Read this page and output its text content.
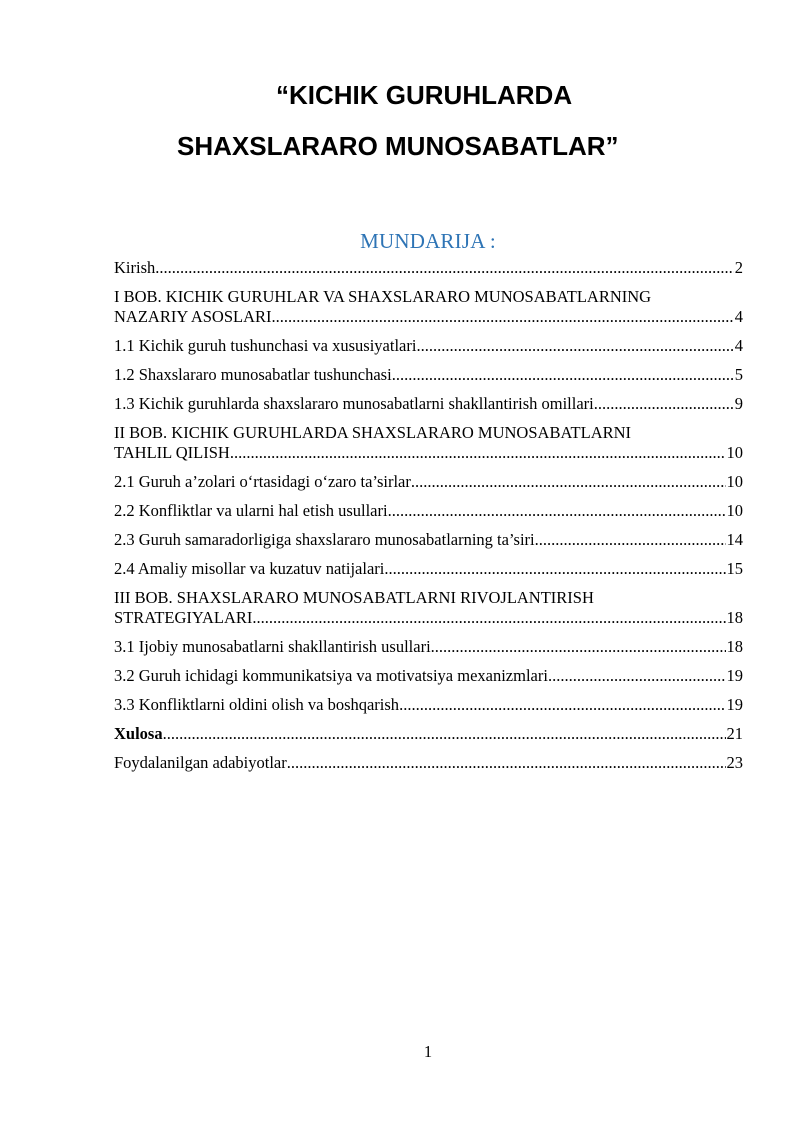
“KICHIK GURUHLARDA
SHAXSLARARO MUNOSABATLAR”
MUNDARIJA :
Kirish .....	2
I BOB. KICHIK GURUHLAR VA SHAXSLARARO MUNOSABATLARNING
NAZARIY ASOSLARI .....	4
1.1 Kichik guruh tushunchasi va xususiyatlari .....	4
1.2 Shaxslararo munosabatlar tushunchasi .....	5
1.3 Kichik guruhlarda shaxslararo munosabatlarni shakllantirish omillari .....	9
II BOB. KICHIK GURUHLARDA SHAXSLARARO MUNOSABATLARNI
TAHLIL QILISH .....	10
2.1 Guruh a’zolari o‘rtasidagi o‘zaro ta’sirlar .....	10
2.2 Konfliktlar va ularni hal etish usullari .....	10
2.3 Guruh samaradorligiga shaxslararo munosabatlarning ta’siri .....	14
2.4 Amaliy misollar va kuzatuv natijalari .....	15
III BOB. SHAXSLARARO MUNOSABATLARNI RIVOJLANTIRISH
STRATEGIYALARI .....	18
3.1 Ijobiy munosabatlarni shakllantirish usullari .....	18
3.2 Guruh ichidagi kommunikatsiya va motivatsiya mexanizmlari .....	19
3.3 Konfliktlarni oldini olish va boshqarish .....	19
Xulosa .....	21
Foydalanilgan adabiyotlar .....	23
1
